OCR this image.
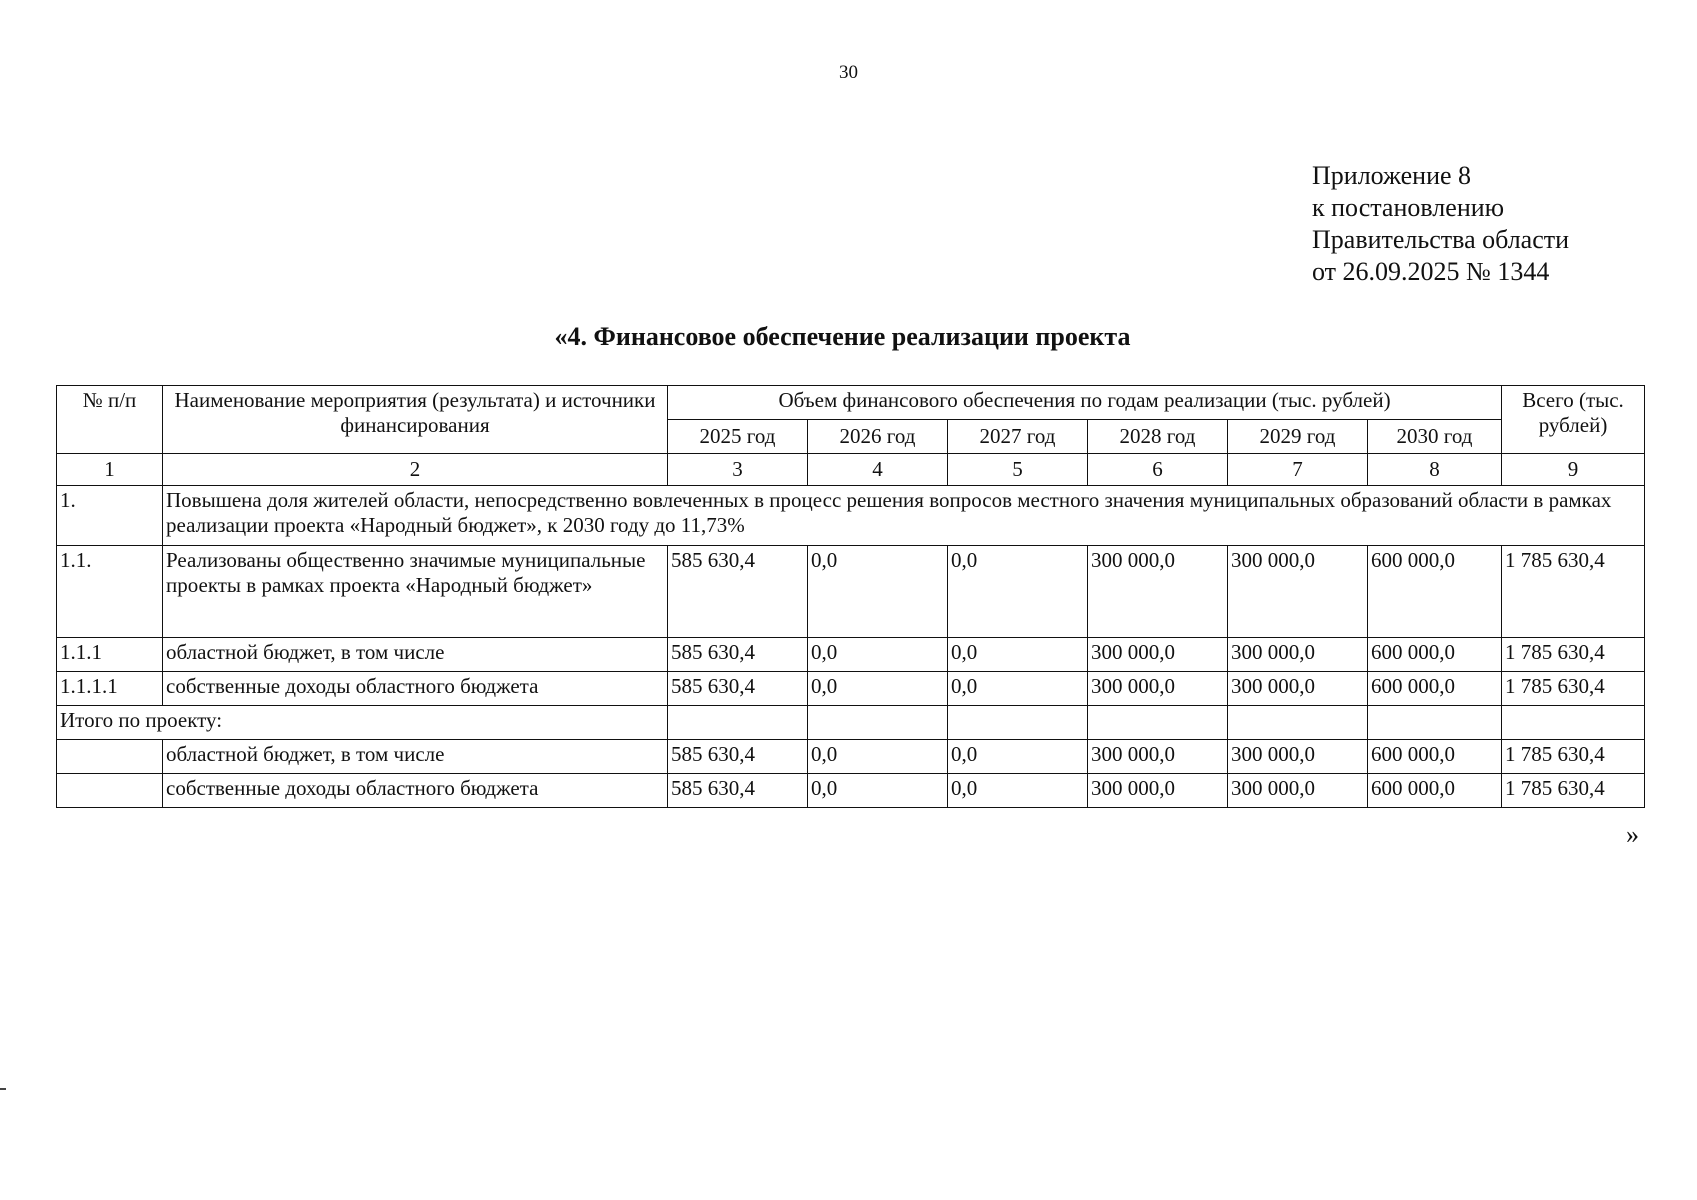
30
Приложение 8
к постановлению
Правительства области
от 26.09.2025 № 1344
«4. Финансовое обеспечение реализации проекта
№ п/п	Наименование мероприятия (результата) и источники финансирования	Объем финансового обеспечения по годам реализации (тыс. рублей)						Всего (тыс. рублей)
		2025 год	2026 год	2027 год	2028 год	2029 год	2030 год	
1	2	3	4	5	6	7	8	9
1.	Повышена доля жителей области, непосредственно вовлеченных в процесс решения вопросов местного значения муниципальных образований области в рамках реализации проекта «Народный бюджет», к 2030 году до 11,73%							
1.1.	Реализованы общественно значимые муниципальные проекты в рамках проекта «Народный бюджет»	585 630,4	0,0	0,0	300 000,0	300 000,0	600 000,0	1 785 630,4
1.1.1	областной бюджет, в том числе	585 630,4	0,0	0,0	300 000,0	300 000,0	600 000,0	1 785 630,4
1.1.1.1	собственные доходы областного бюджета	585 630,4	0,0	0,0	300 000,0	300 000,0	600 000,0	1 785 630,4
Итого по проекту:								
	областной бюджет, в том числе	585 630,4	0,0	0,0	300 000,0	300 000,0	600 000,0	1 785 630,4
	собственные доходы областного бюджета	585 630,4	0,0	0,0	300 000,0	300 000,0	600 000,0	1 785 630,4
»
